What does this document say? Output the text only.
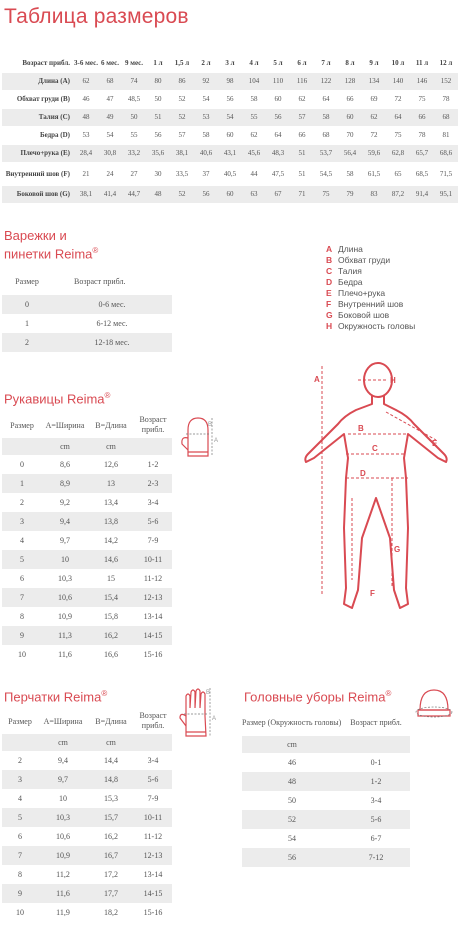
Таблица размеров
Возраст прибл.	3-6 мес.	6 мес.	9 мес.	1 л	1,5 л	2 л	3 л	4 л	5 л	6 л	7 л	8 л	9 л	10 л	11 л	12 л
Длина (A)	62	68	74	80	86	92	98	104	110	116	122	128	134	140	146	152
Обхват груди (B)	46	47	48,5	50	52	54	56	58	60	62	64	66	69	72	75	78
Талия (C)	48	49	50	51	52	53	54	55	56	57	58	60	62	64	66	68
Бедра (D)	53	54	55	56	57	58	60	62	64	66	68	70	72	75	78	81
Плечо+рука (E)	28,4	30,8	33,2	35,6	38,1	40,6	43,1	45,6	48,3	51	53,7	56,4	59,6	62,8	65,7	68,6
Внутренний шов (F)	21	24	27	30	33,5	37	40,5	44	47,5	51	54,5	58	61,5	65	68,5	71,5
Боковой шов (G)	38,1	41,4	44,7	48	52	56	60	63	67	71	75	79	83	87,2	91,4	95,1
Варежки и
пинетки Reima®
Размер	Возраст прибл.
0	0-6 мес.
1	6-12 мес.
2	12-18 мес.
A Длина
B Обхват груди
C Талия
D Бедра
E Плечо+рука
F Внутренний шов
G Боковой шов
H Окружность головы
A	H
B
C
D
E
F
G
Рукавицы Reima®
Размер	A=Ширина	B=Длина	Возраст прибл.
	cm	cm	
0	8,6	12,6	1-2
1	8,9	13	2-3
2	9,2	13,4	3-4
3	9,4	13,8	5-6
4	9,7	14,2	7-9
5	10	14,6	10-11
6	10,3	15	11-12
7	10,6	15,4	12-13
8	10,9	15,8	13-14
9	11,3	16,2	14-15
10	11,6	16,6	15-16
B
A
Перчатки Reima®
Размер	A=Ширина	B=Длина	Возраст прибл.
	cm	cm	
2	9,4	14,4	3-4
3	9,7	14,8	5-6
4	10	15,3	7-9
5	10,3	15,7	10-11
6	10,6	16,2	11-12
7	10,9	16,7	12-13
8	11,2	17,2	13-14
9	11,6	17,7	14-15
10	11,9	18,2	15-16
B
A
Головные уборы Reima®
Размер (Окружность головы)	Возраст прибл.
cm	
46	0-1
48	1-2
50	3-4
52	5-6
54	6-7
56	7-12
